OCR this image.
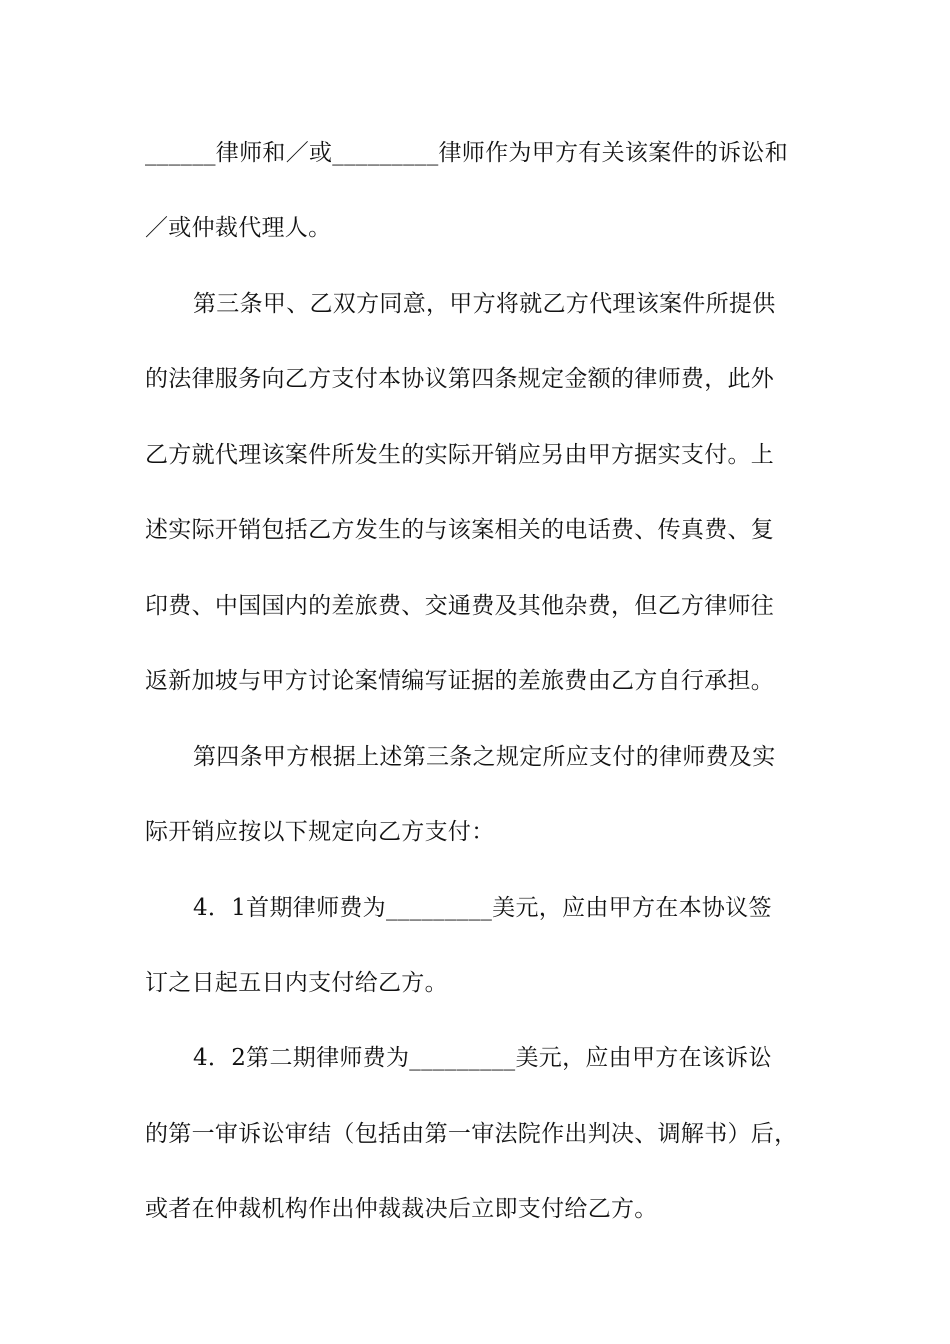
______律师和／或_________律师作为甲方有关该案件的诉讼和
／或仲裁代理人。
第三条甲、乙双方同意，甲方将就乙方代理该案件所提供
的法律服务向乙方支付本协议第四条规定金额的律师费，此外
乙方就代理该案件所发生的实际开销应另由甲方据实支付。上
述实际开销包括乙方发生的与该案相关的电话费、传真费、复
印费、中国国内的差旅费、交通费及其他杂费，但乙方律师往
返新加坡与甲方讨论案情编写证据的差旅费由乙方自行承担。
第四条甲方根据上述第三条之规定所应支付的律师费及实
际开销应按以下规定向乙方支付：
4．1首期律师费为_________美元，应由甲方在本协议签
订之日起五日内支付给乙方。
4．2第二期律师费为_________美元，应由甲方在该诉讼
的第一审诉讼审结（包括由第一审法院作出判决、调解书）后，
或者在仲裁机构作出仲裁裁决后立即支付给乙方。
